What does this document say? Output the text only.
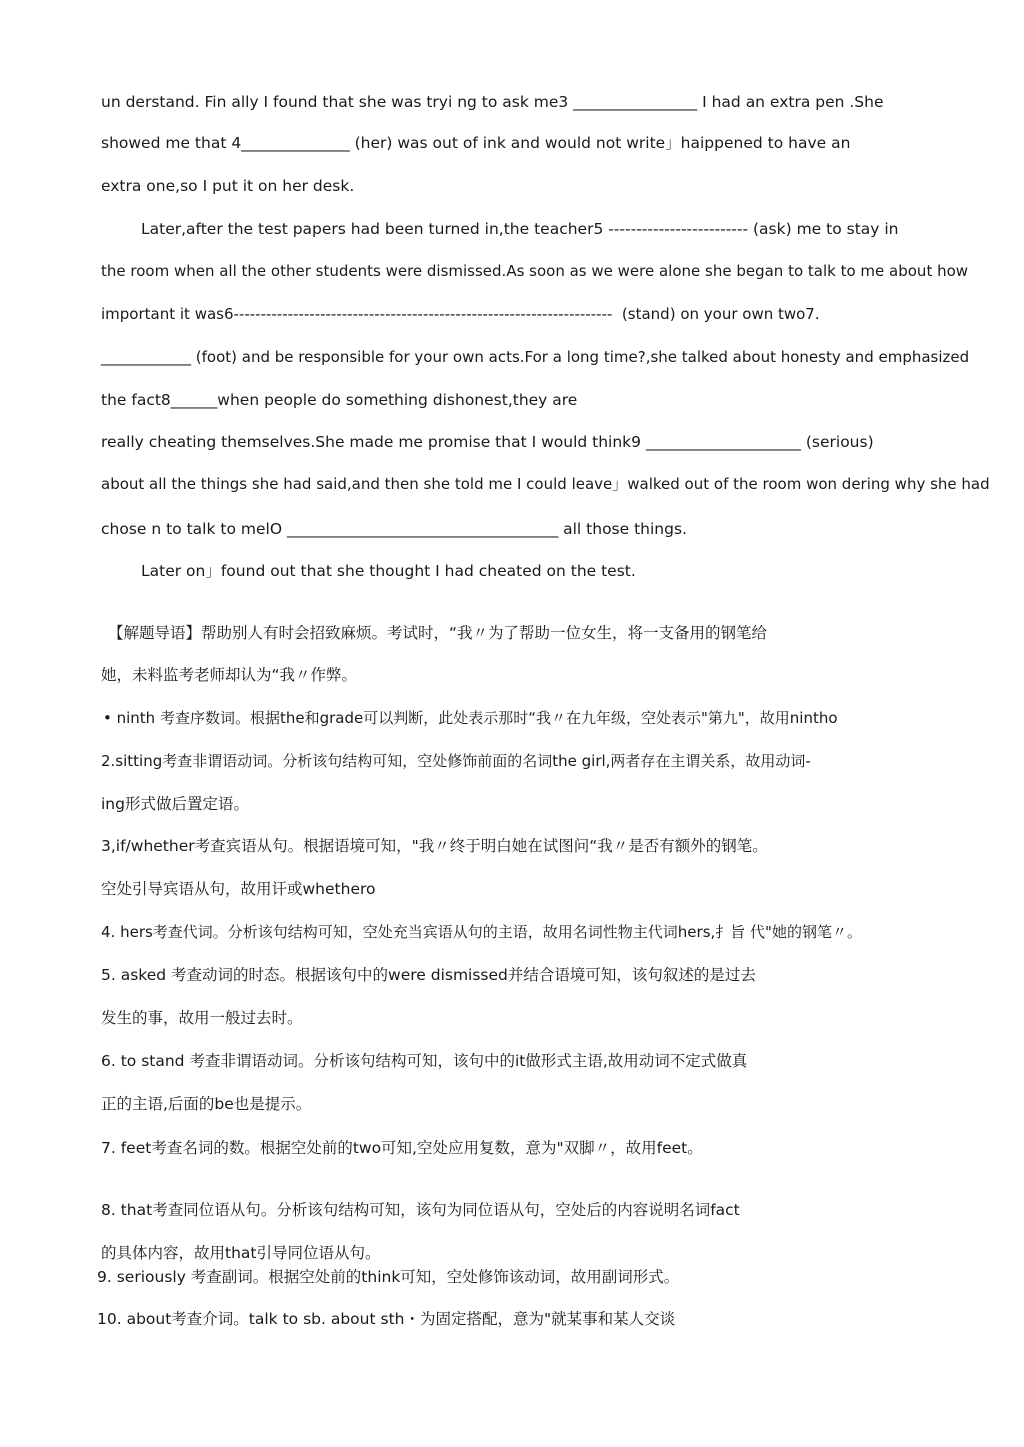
un derstand. Fin ally I found that she was tryi ng to ask me3 ________________ I had an extra pen .She
showed me that 4______________ (her) was out of ink and would not write」haippened to have an
extra one,so I put it on her desk.
Later,after the test papers had been turned in,the teacher5 ------------------------- (ask) me to stay in
the room when all the other students were dismissed.As soon as we were alone she began to talk to me about how
important it was6----------------------------------------------------------------------  (stand) on your own two7.
____________ (foot) and be responsible for your own acts.For a long time?,she talked about honesty and emphasized
the fact8______when people do something dishonest,they are
really cheating themselves.She made me promise that I would think9 ____________________ (serious)
about all the things she had said,and then she told me I could leave」walked out of the room won dering why she had
chose n to talk to melO ___________________________________ all those things.
Later on」found out that she thought I had cheated on the test.
【解题导语】帮助别人有时会招致麻烦。考试时，“我〃为了帮助一位女生，将一支备用的钢笔给
她，未料监考老师却认为“我〃作弊。
• ninth 考查序数词。根据the和grade可以判断，此处表示那时“我〃在九年级，空处表示"第九"，故用nintho
2.sitting考查非谓语动词。分析该句结构可知，空处修饰前面的名词the girl,两者存在主谓关系，故用动词-
ing形式做后置定语。
3,if/whether考查宾语从句。根据语境可知，"我〃终于明白她在试图问“我〃是否有额外的钢笔。
空处引导宾语从句，故用讦或whethero
4. hers考查代词。分析该句结构可知，空处充当宾语从句的主语，故用名词性物主代词hers,扌旨 代"她的钢笔〃。
5. asked 考查动词的时态。根据该句中的were dismissed并结合语境可知，该句叙述的是过去
发生的事，故用一般过去时。
6. to stand 考查非谓语动词。分析该句结构可知，该句中的it做形式主语,故用动词不定式做真
正的主语,后面的be也是提示。
7. feet考查名词的数。根据空处前的two可知,空处应用复数，意为"双脚〃，故用feet。
8. that考查同位语从句。分析该句结构可知，该句为同位语从句，空处后的内容说明名词fact
的具体内容，故用that引导同位语从句。
9. seriously 考查副词。根据空处前的think可知，空处修饰该动词，故用副词形式。
10. about考查介词。talk to sb. about sth・为固定搭配，意为"就某事和某人交谈
